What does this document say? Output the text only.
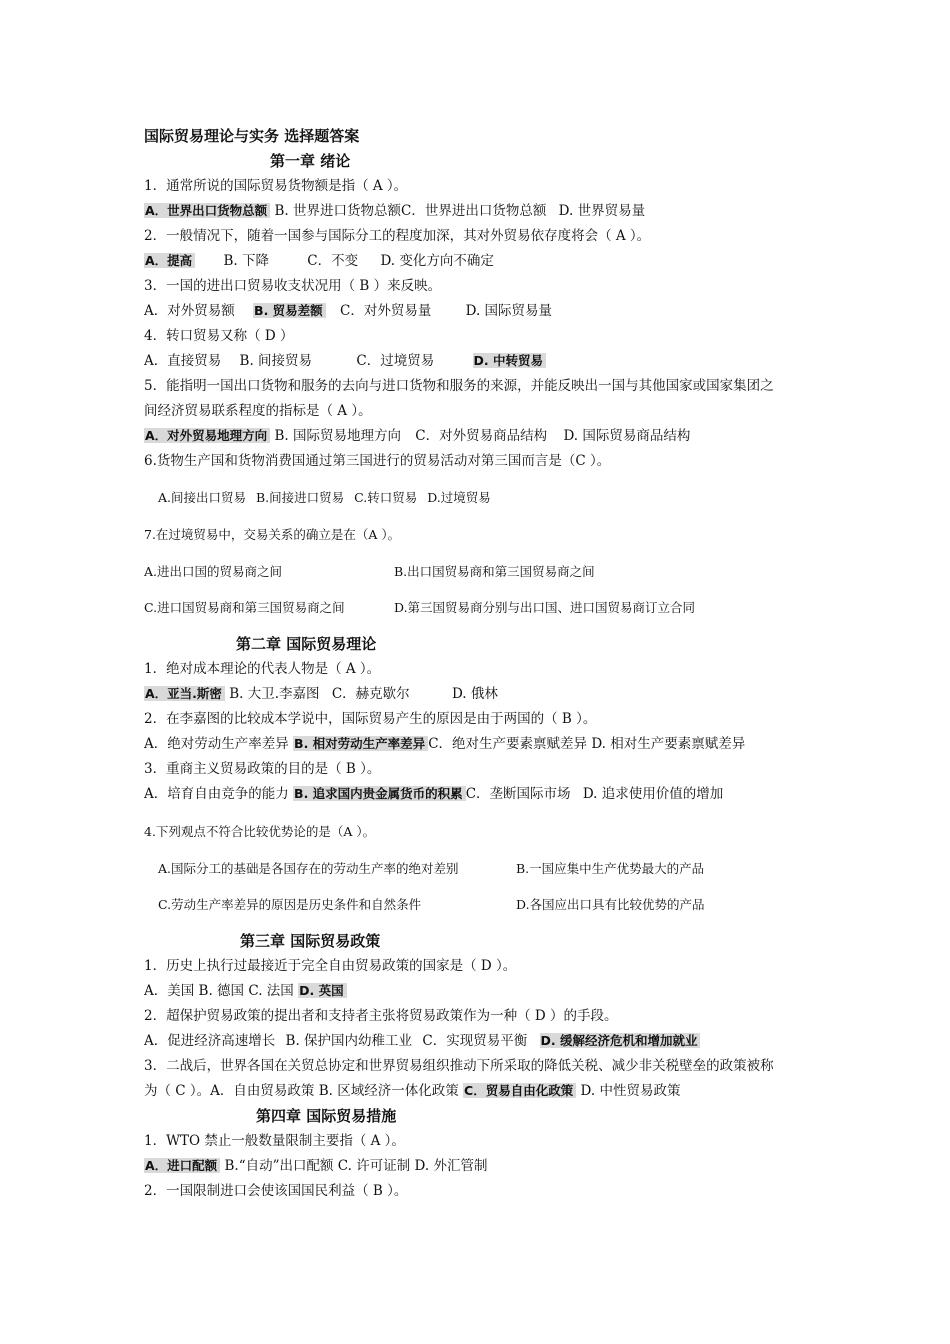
国际贸易理论与实务 选择题答案
第一章 绪论
1．通常所说的国际贸易货物额是指（ A ）。
A．世界出口货物总额 B. 世界进口货物总额C．世界进出口货物总额 D. 世界贸易量
2．一般情况下，随着一国参与国际分工的程度加深，其对外贸易依存度将会（ A ）。
A．提高 B. 下降	C．不变 D. 变化方向不确定
3．一国的进出口贸易收支状况用（ B ）来反映。
A．对外贸易额 B. 贸易差额 C．对外贸易量	D. 国际贸易量
4．转口贸易又称（ D ）
A．直接贸易 B. 间接贸易	C．过境贸易	D. 中转贸易
5．能指明一国出口货物和服务的去向与进口货物和服务的来源，并能反映出一国与其他国家或国家集团之
间经济贸易联系程度的指标是（ A ）。
A．对外贸易地理方向 B. 国际贸易地理方向 C．对外贸易商品结构 D. 国际贸易商品结构
6.货物生产国和货物消费国通过第三国进行的贸易活动对第三国而言是（C ）。
A.间接出口贸易 B.间接进口贸易 C.转口贸易 D.过境贸易
7.在过境贸易中，交易关系的确立是在（A ）。
A.进出口国的贸易商之间	B.出口国贸易商和第三国贸易商之间
C.进口国贸易商和第三国贸易商之间	D.第三国贸易商分别与出口国、进口国贸易商订立合同
第二章 国际贸易理论
1．绝对成本理论的代表人物是（ A ）。
A．亚当.斯密 B. 大卫.李嘉图 C．赫克歇尔	D. 俄林
2．在李嘉图的比较成本学说中，国际贸易产生的原因是由于两国的（ B ）。
A．绝对劳动生产率差异 B. 相对劳动生产率差异 C．绝对生产要素禀赋差异 D. 相对生产要素禀赋差异
3．重商主义贸易政策的目的是（ B ）。
A．培育自由竞争的能力 B. 追求国内贵金属货币的积累 C．垄断国际市场 D. 追求使用价值的增加
4.下列观点不符合比较优势论的是（A ）。
A.国际分工的基础是各国存在的劳动生产率的绝对差别	B.一国应集中生产优势最大的产品
C.劳动生产率差异的原因是历史条件和自然条件	D.各国应出口具有比较优势的产品
第三章 国际贸易政策
1．历史上执行过最接近于完全自由贸易政策的国家是（ D ）。
A．美国 B. 德国 C. 法国 D. 英国
2．超保护贸易政策的提出者和支持者主张将贸易政策作为一种（ D ）的手段。
A．促进经济高速增长 B. 保护国内幼稚工业 C．实现贸易平衡 D. 缓解经济危机和增加就业
3．二战后，世界各国在关贸总协定和世界贸易组织推动下所采取的降低关税、减少非关税壁垒的政策被称
为（ C ）。A．自由贸易政策 B. 区域经济一体化政策 C．贸易自由化政策 D. 中性贸易政策
第四章 国际贸易措施
1．WTO 禁止一般数量限制主要指（ A ）。
A．进口配额 B.“自动”出口配额 C. 许可证制 D. 外汇管制
2．一国限制进口会使该国国民利益（ B ）。
